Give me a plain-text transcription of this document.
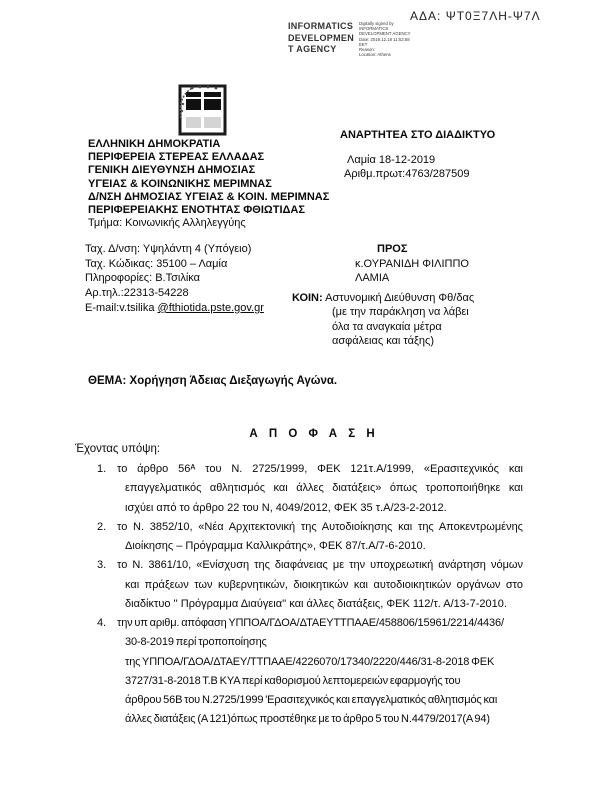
ΑΔΑ: ΨΤ0Ξ7ΛΗ-Ψ7Λ
INFORMATICS
DEVELOPMEN
T AGENCY
Digitally signed by
INFORMATICS
DEVELOPMENT AGENCY
Date: 2019.12.18 11:52:58
EET
Reason:
Location: Athens
ΑΝΑΡΤΗΤΕΑ ΣΤΟ ΔΙΑΔΙΚΤΥΟ
ΕΛΛΗΝΙΚΗ ΔΗΜΟΚΡΑΤΙΑ
ΠΕΡΙΦΕΡΕΙΑ ΣΤΕΡΕΑΣ ΕΛΛΑΔΑΣ
ΓΕΝΙΚΗ ΔΙΕΥΘΥΝΣΗ ΔΗΜΟΣΙΑΣ
ΥΓΕΙΑΣ & ΚΟΙΝΩΝΙΚΗΣ ΜΕΡΙΜΝΑΣ
Δ/ΝΣΗ ΔΗΜΟΣΙΑΣ ΥΓΕΙΑΣ & ΚΟΙΝ. ΜΕΡΙΜΝΑΣ
ΠΕΡΙΦΕΡΕΙΑΚΗΣ ΕΝΟΤΗΤΑΣ ΦΘΙΩΤΙΔΑΣ
Τμήμα: Κοινωνικής Αλληλεγγύης
Λαμία 18-12-2019
Αριθμ.πρωτ:4763/287509
Ταχ. Δ/νση: Υψηλάντη 4 (Υπόγειο)
Ταχ. Κώδικας: 35100 – Λαμία
Πληροφορίες: Β.Τσιλίκα
Αρ.τηλ.:22313-54228
E-mail:v.tsilika @fthiotida.pste.gov.gr
ΠΡΟΣ
κ.ΟΥΡΑΝΙΔΗ ΦΙΛΙΠΠΟ
ΛΑΜΙΑ
ΚΟΙΝ: Αστυνομική Διεύθυνση Φθ/δας
(με την παράκληση να λάβει
όλα τα αναγκαία μέτρα
ασφάλειας και τάξης)
ΘΕΜΑ: Χορήγηση Άδειας Διεξαγωγής Αγώνα.
Α Π Ο Φ Α Σ Η
Έχοντας υπόψη:
1. το άρθρο 56ᴬ του Ν. 2725/1999, ΦΕΚ 121τ.Α/1999, «Ερασιτεχνικός και
επαγγελματικός αθλητισμός και άλλες διατάξεις» όπως τροποποιήθηκε και
ισχύει από το άρθρο 22 του Ν, 4049/2012, ΦΕΚ 35 τ.Α/23-2-2012.
2. το Ν. 3852/10, «Νέα Αρχιτεκτονική της Αυτοδιοίκησης και της Αποκεντρωμένης
Διοίκησης – Πρόγραμμα Καλλικράτης», ΦΕΚ 87/τ.Α/7-6-2010.
3. το Ν. 3861/10, «Ενίσχυση της διαφάνειας με την υποχρεωτική ανάρτηση νόμων
και πράξεων των κυβερνητικών, διοικητικών και αυτοδιοικητικών οργάνων στο
διαδίκτυο '' Πρόγραμμα Διαύγεια'' και άλλες διατάξεις, ΦΕΚ 112/τ. Α/13-7-2010.
4.	την υπ αριθμ. απόφαση ΥΠΠΟΑ/ΓΔΟΑ/ΔΤΑΕΥΤΤΠΑΑΕ/458806/15961/2214/4436/
30-8-2019 περί τροποποίησης
της ΥΠΠΟΑ/ΓΔΟΑ/ΔΤΑΕΥ/ΤΤΠΑΑΕ/4226070/17340/2220/446/31-8-2018 ΦΕΚ
3727/31-8-2018 Τ.Β ΚΥΑ περί καθορισμού λεπτομερειών εφαρμογής του
άρθρου 56Β του Ν.2725/1999 'Ερασιτεχνικός και επαγγελματικός αθλητισμός και
άλλες διατάξεις (Α 121)όπως προστέθηκε με το άρθρο 5 του Ν.4479/2017(Α 94)
